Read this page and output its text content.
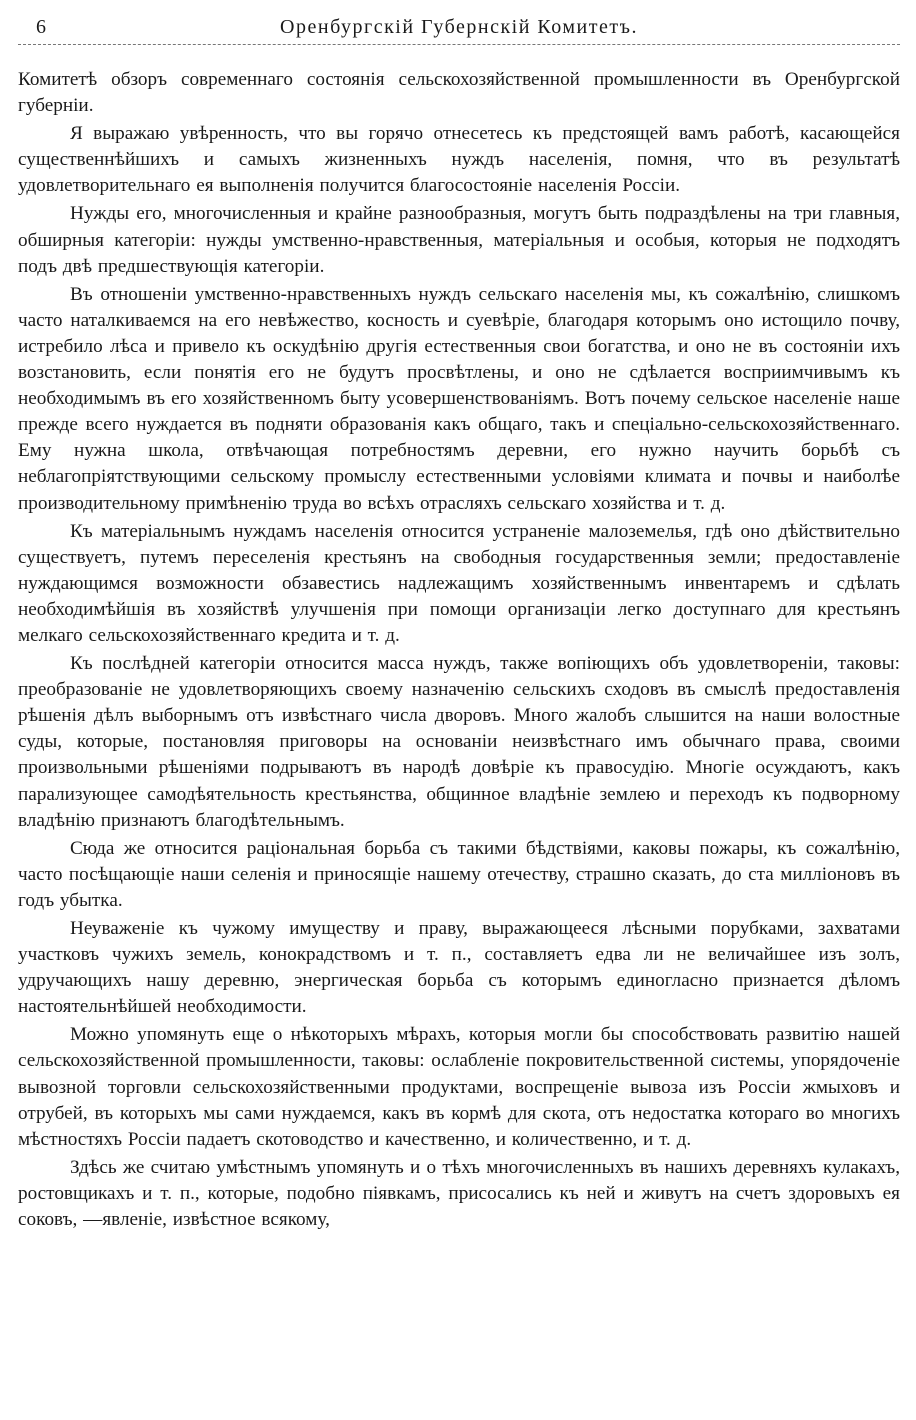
6	Оренбургскій Губернскій Комитетъ.

Комитетѣ обзоръ современнаго состоянія сельскохозяйственной промышленности въ Оренбургской губерніи.

Я выражаю увѣренность, что вы горячо отнесетесь къ предстоящей вамъ работѣ, касающейся существеннѣйшихъ и самыхъ жизненныхъ нуждъ населенія, помня, что въ результатѣ удовлетворительнаго ея выполненія получится благосостояніе населенія Россіи.

Нужды его, многочисленныя и крайне разнообразныя, могутъ быть подраздѣлены на три главныя, обширныя категоріи: нужды умственно-нравственныя, матеріальныя и особыя, которыя не подходятъ подъ двѣ предшествующія категоріи.

Въ отношеніи умственно-нравственныхъ нуждъ сельскаго населенія мы, къ сожалѣнію, слишкомъ часто наталкиваемся на его невѣжество, косность и суевѣріе, благодаря которымъ оно истощило почву, истребило лѣса и привело къ оскудѣнію другія естественныя свои богатства, и оно не въ состояніи ихъ возстановить, если понятія его не будутъ просвѣтлены, и оно не сдѣлается восприимчивымъ къ необходимымъ въ его хозяйственномъ быту усовершенствованіямъ. Вотъ почему сельское населеніе наше прежде всего нуждается въ подняти образованія какъ общаго, такъ и спеціально-сельскохозяйственнаго. Ему нужна школа, отвѣчающая потребностямъ деревни, его нужно научить борьбѣ съ неблагопріятствующими сельскому промыслу естественными условіями климата и почвы и наиболѣе производительному примѣненію труда во всѣхъ отрасляхъ сельскаго хозяйства и т. д.

Къ матеріальнымъ нуждамъ населенія относится устраненіе малоземелья, гдѣ оно дѣйствительно существуетъ, путемъ переселенія крестьянъ на свободныя государственныя земли; предоставленіе нуждающимся возможности обзавестись надлежащимъ хозяйственнымъ инвентаремъ и сдѣлать необходимѣйшія въ хозяйствѣ улучшенія при помощи организаціи легко доступнаго для крестьянъ мелкаго сельскохозяйственнаго кредита и т. д.

Къ послѣдней категоріи относится масса нуждъ, также вопіющихъ объ удовлетвореніи, таковы: преобразованіе не удовлетворяющихъ своему назначенію сельскихъ сходовъ въ смыслѣ предоставленія рѣшенія дѣлъ выборнымъ отъ извѣстнаго числа дворовъ. Много жалобъ слышится на наши волостные суды, которые, постановляя приговоры на основаніи неизвѣстнаго имъ обычнаго права, своими произвольными рѣшеніями подрываютъ въ народѣ довѣріе къ правосудію. Многіе осуждаютъ, какъ парализующее самодѣятельность крестьянства, общинное владѣніе землею и переходъ къ подворному владѣнію признаютъ благодѣтельнымъ.

Сюда же относится раціональная борьба съ такими бѣдствіями, каковы пожары, къ сожалѣнію, часто посѣщающіе наши селенія и приносящіе нашему отечеству, страшно сказать, до ста милліоновъ въ годъ убытка.

Неуваженіе къ чужому имуществу и праву, выражающееся лѣсными порубками, захватами участковъ чужихъ земель, конокрадствомъ и т. п., составляетъ едва ли не величайшее изъ золъ, удручающихъ нашу деревню, энергическая борьба съ которымъ единогласно признается дѣломъ настоятельнѣйшей необходимости.

Можно упомянуть еще о нѣкоторыхъ мѣрахъ, которыя могли бы способствовать развитію нашей сельскохозяйственной промышленности, таковы: ослабленіе покровительственной системы, упорядоченіе вывозной торговли сельскохозяйственными продуктами, воспрещеніе вывоза изъ Россіи жмыховъ и отрубей, въ которыхъ мы сами нуждаемся, какъ въ кормѣ для скота, отъ недостатка котораго во многихъ мѣстностяхъ Россіи падаетъ скотоводство и качественно, и количественно, и т. д.

Здѣсь же считаю умѣстнымъ упомянуть и о тѣхъ многочисленныхъ въ нашихъ деревняхъ кулакахъ, ростовщикахъ и т. п., которые, подобно піявкамъ, присосались къ ней и живутъ на счетъ здоровыхъ ея соковъ, —явленіе, извѣстное всякому,
